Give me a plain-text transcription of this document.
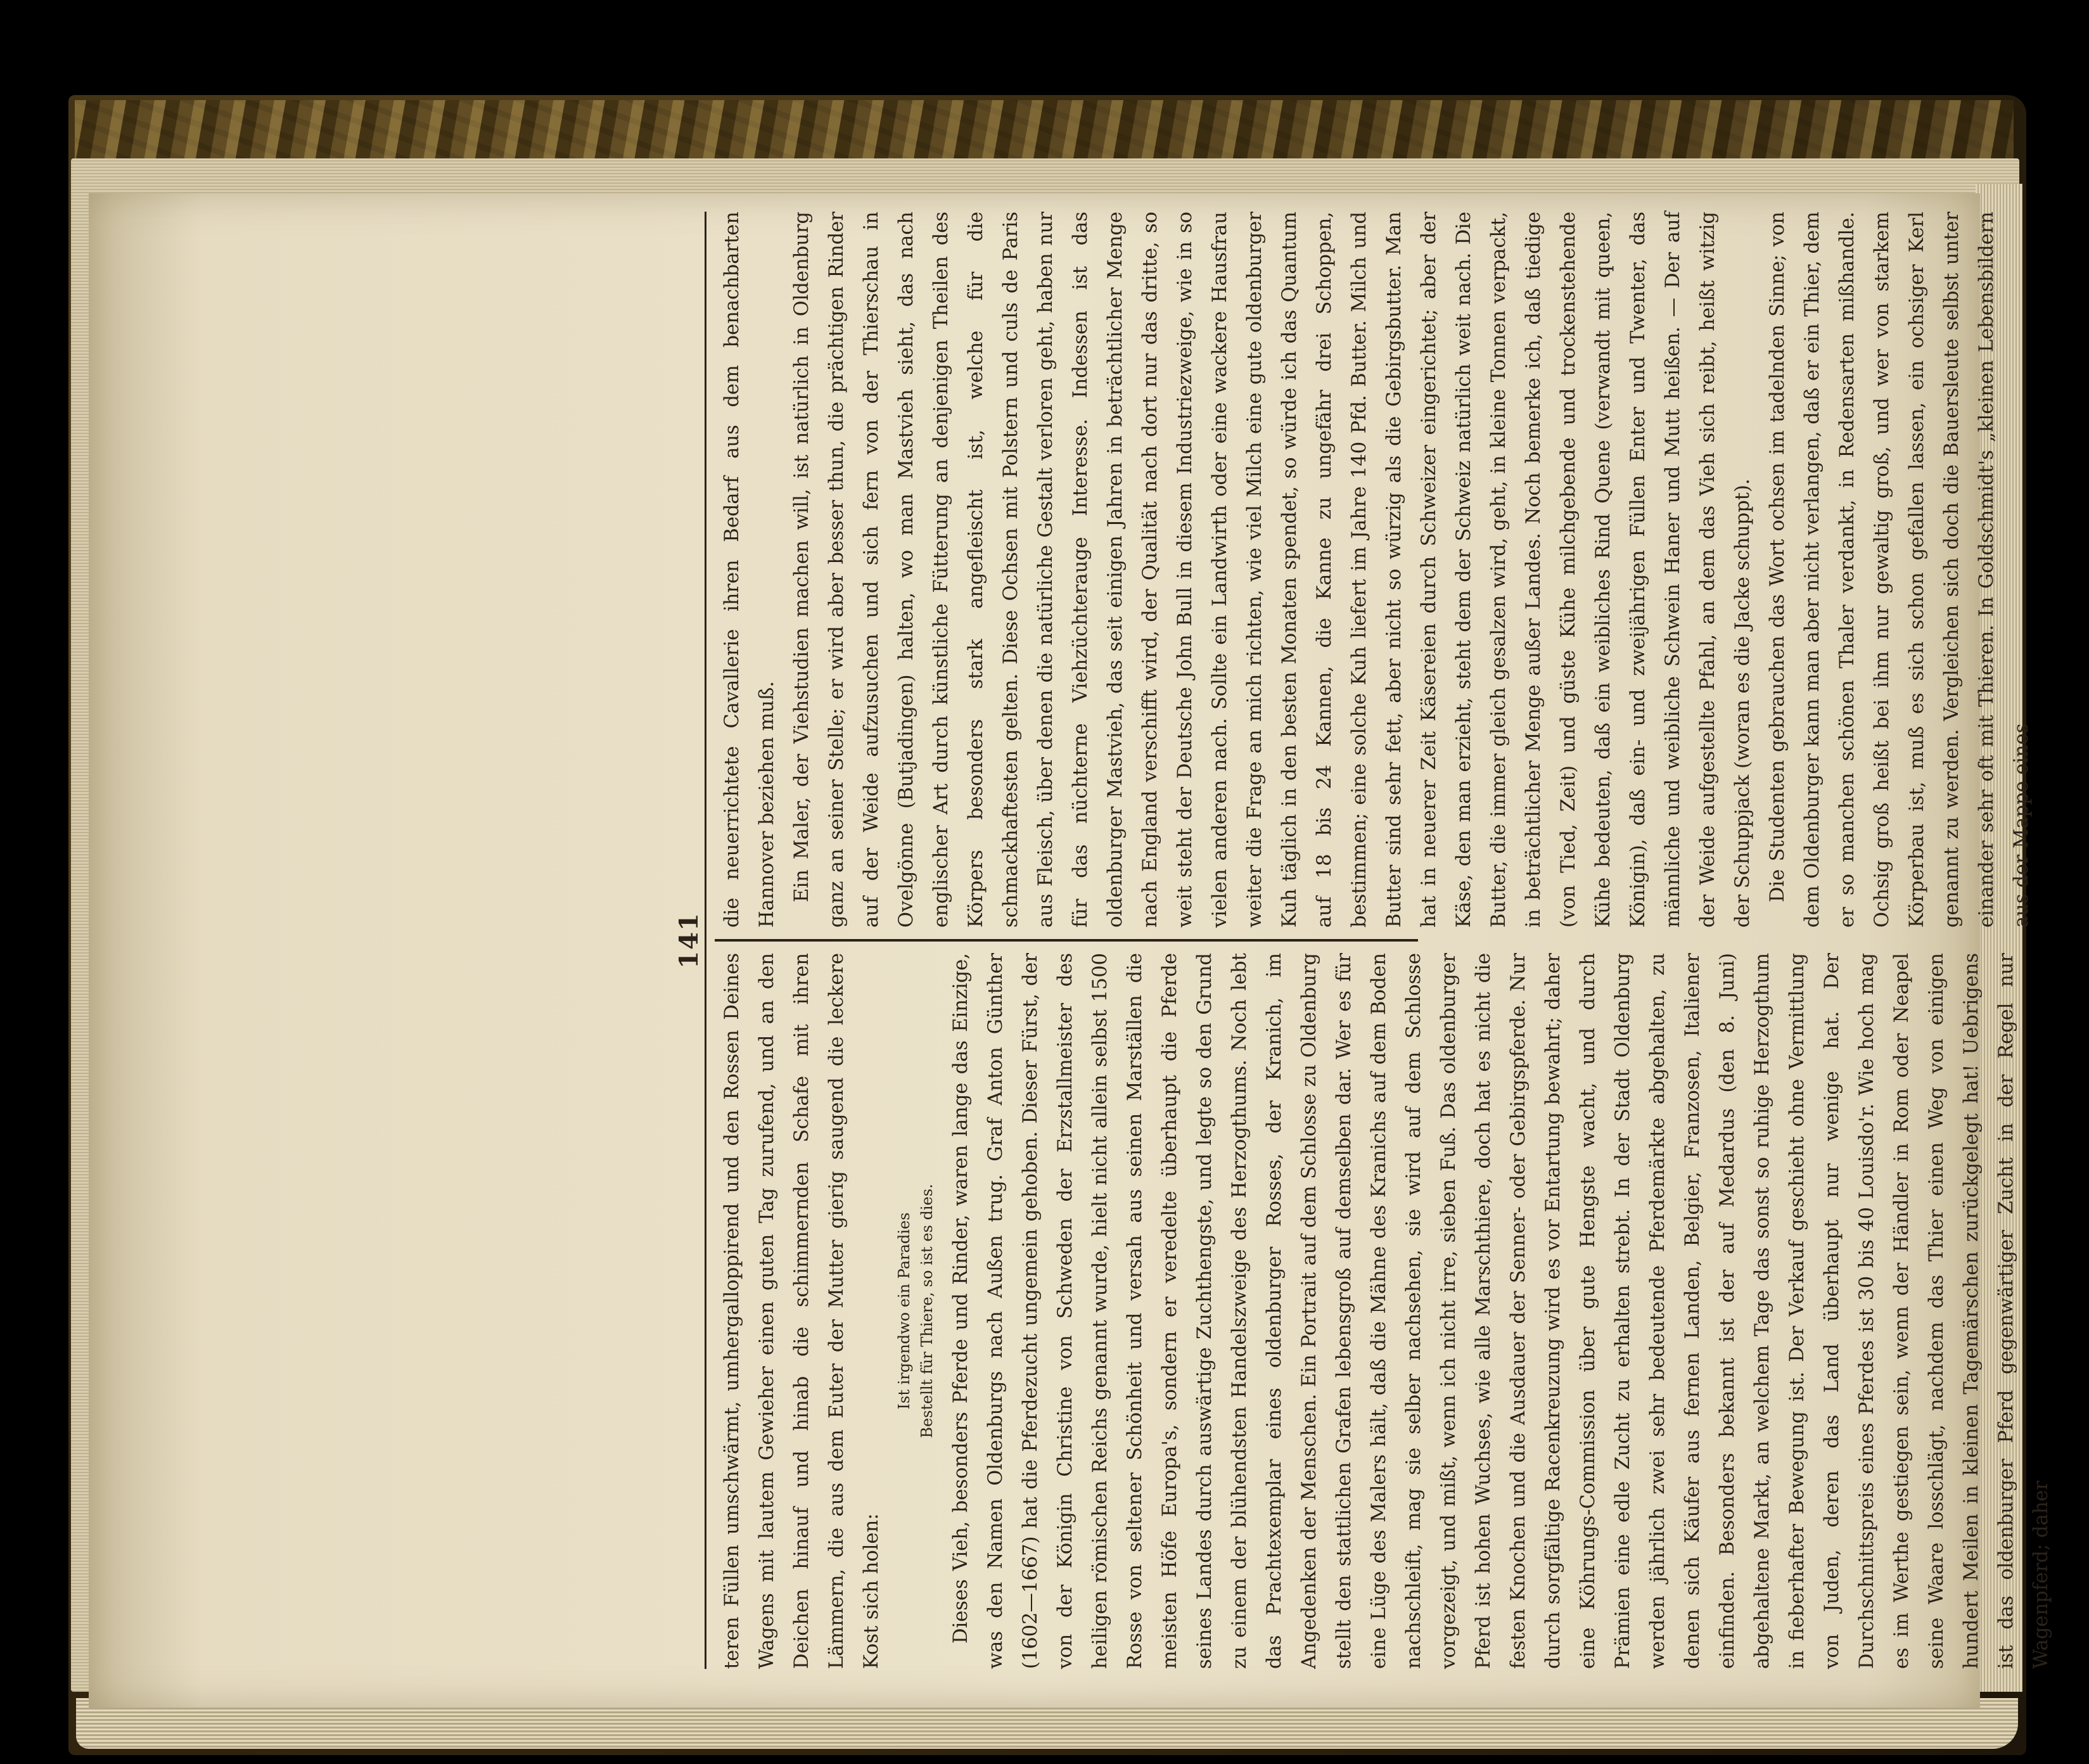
141

teren Füllen umschwärmt, umhergalloppirend und den Rossen Deines Wagens mit lautem Gewieher einen guten Tag zurufend, und an den Deichen hinauf und hinab die schimmernden Schafe mit ihren Lämmern, die aus dem Euter der Mutter gierig saugend die leckere Kost sich holen:

Ist irgendwo ein Paradies Bestellt für Thiere, so ist es dies. Dieses Vieh, besonders Pferde und Rinder, waren lange das Einzige, was den Namen Oldenburgs nach Außen trug. Graf Anton Günther (1602—1667) hat die Pferdezucht ungemein gehoben. Dieser Fürst, der von der Königin Christine von Schweden der Erzstallmeister des heiligen römischen Reichs genannt wurde, hielt nicht allein selbst 1500 Rosse von seltener Schönheit und versah aus seinen Marställen die meisten Höfe Europa's, sondern er veredelte überhaupt die Pferde seines Landes durch auswärtige Zuchthengste, und legte so den Grund zu einem der blühendsten Handelszweige des Herzogthums. Noch lebt das Prachtexemplar eines oldenburger Rosses, der Kranich, im Angedenken der Menschen. Ein Portrait auf dem Schlosse zu Oldenburg stellt den stattlichen Grafen lebensgroß auf demselben dar. Wer es für eine Lüge des Malers hält, daß die Mähne des Kranichs auf dem Boden nachschleift, mag sie selber nachsehen, sie wird auf dem Schlosse vorgezeigt, und mißt, wenn ich nicht irre, sieben Fuß. Das oldenburger Pferd ist hohen Wuchses, wie alle Marschthiere, doch hat es nicht die festen Knochen und die Ausdauer der Senner- oder Gebirgspferde. Nur durch sorgfältige Racenkreuzung wird es vor Entartung bewahrt; daher eine Köhrungs-Commission über gute Hengste wacht, und durch Prämien eine edle Zucht zu erhalten strebt. In der Stadt Oldenburg werden jährlich zwei sehr bedeutende Pferdemärkte abgehalten, zu denen sich Käufer aus fernen Landen, Belgier, Franzosen, Italiener einfinden. Besonders bekannt ist der auf Medardus (den 8. Juni) abgehaltene Markt, an welchem Tage das sonst so ruhige Herzogthum in fieberhafter Bewegung ist. Der Verkauf geschieht ohne Vermittlung von Juden, deren das Land überhaupt nur wenige hat. Der Durchschnittspreis eines Pferdes ist 30 bis 40 Louisdo'r. Wie hoch mag es im Werthe gestiegen sein, wenn der Händler in Rom oder Neapel seine Waare losschlägt, nachdem das Thier einen Weg von einigen hundert Meilen in kleinen Tagemärschen zurückgelegt hat! Uebrigens ist das oldenburger Pferd gegenwärtiger Zucht in der Regel nur Wagenpferd; daher

die neuerrichtete Cavallerie ihren Bedarf aus dem benachbarten Hannover beziehen muß. Ein Maler, der Viehstudien machen will, ist natürlich in Oldenburg ganz an seiner Stelle; er wird aber besser thun, die prächtigen Rinder auf der Weide aufzusuchen und sich fern von der Thierschau in Ovelgönne (Butjadingen) halten, wo man Mastvieh sieht, das nach englischer Art durch künstliche Fütterung an denjenigen Theilen des Körpers besonders stark angefleischt ist, welche für die schmackhaftesten gelten. Diese Ochsen mit Polstern und culs de Paris aus Fleisch, über denen die natürliche Gestalt verloren geht, haben nur für das nüchterne Viehzüchterauge Interesse. Indessen ist das oldenburger Mastvieh, das seit einigen Jahren in beträchtlicher Menge nach England verschifft wird, der Qualität nach dort nur das dritte, so weit steht der Deutsche John Bull in diesem Industriezweige, wie in so vielen anderen nach. Sollte ein Landwirth oder eine wackere Hausfrau weiter die Frage an mich richten, wie viel Milch eine gute oldenburger Kuh täglich in den besten Monaten spendet, so würde ich das Quantum auf 18 bis 24 Kannen, die Kanne zu ungefähr drei Schoppen, bestimmen; eine solche Kuh liefert im Jahre 140 Pfd. Butter. Milch und Butter sind sehr fett, aber nicht so würzig als die Gebirgsbutter. Man hat in neuerer Zeit Käsereien durch Schweizer eingerichtet; aber der Käse, den man erzieht, steht dem der Schweiz natürlich weit nach. Die Butter, die immer gleich gesalzen wird, geht, in kleine Tonnen verpackt, in beträchtlicher Menge außer Landes. Noch bemerke ich, daß tiedige (von Tied, Zeit) und güste Kühe milchgebende und trockenstehende Kühe bedeuten, daß ein weibliches Rind Quene (verwandt mit queen, Königin), daß ein- und zweijährigen Füllen Enter und Twenter, das männliche und weibliche Schwein Haner und Mutt heißen. — Der auf der Weide aufgestellte Pfahl, an dem das Vieh sich reibt, heißt witzig der Schuppjack (woran es die Jacke schuppt). Die Studenten gebrauchen das Wort ochsen im tadelnden Sinne; von dem Oldenburger kann man aber nicht verlangen, daß er ein Thier, dem er so manchen schönen Thaler verdankt, in Redensarten mißhandle. Ochsig groß heißt bei ihm nur gewaltig groß, und wer von starkem Körperbau ist, muß es sich schon gefallen lassen, ein ochsiger Kerl genannt zu werden. Vergleichen sich doch die Bauersleute selbst unter einander sehr oft mit Thieren. In Goldschmidt's „kleinen Lebensbildern aus der Mappe eines
